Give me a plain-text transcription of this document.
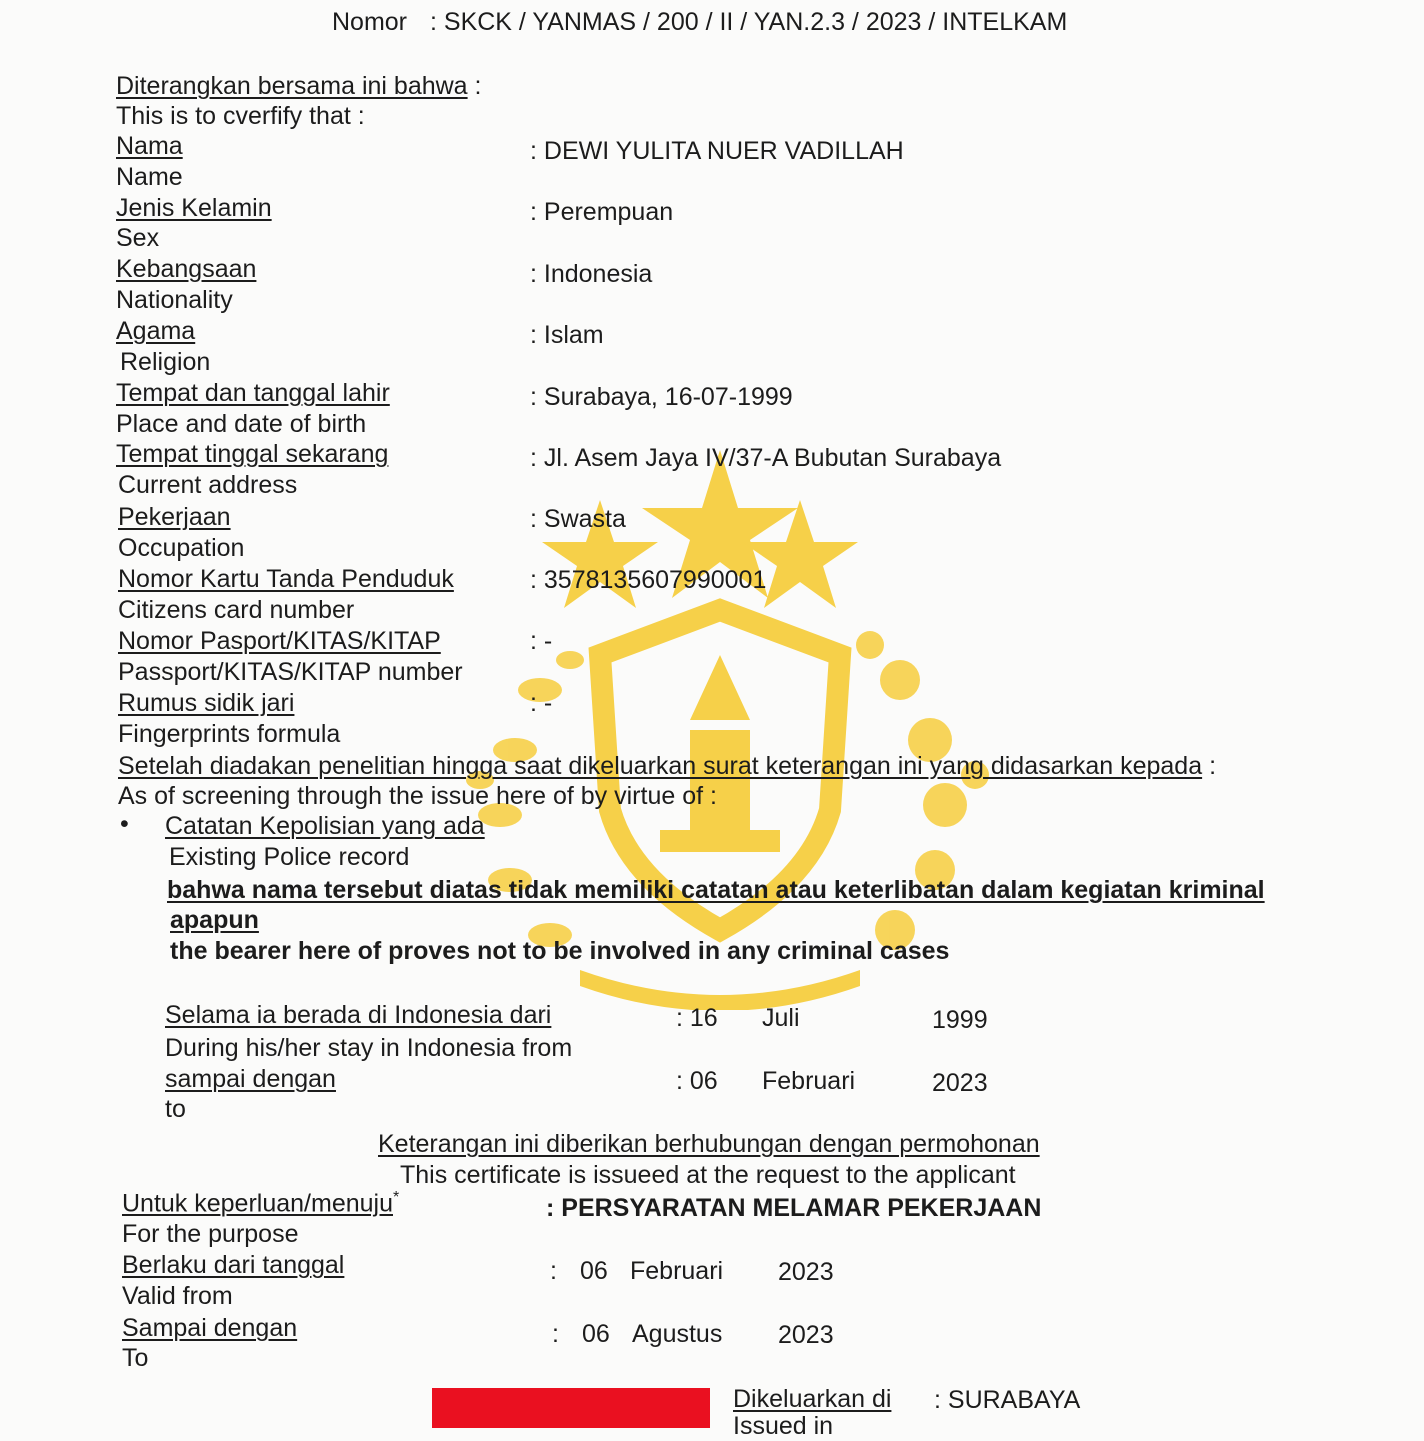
Nomor : SKCK / YANMAS / 200 / II / YAN.2.3 / 2023 / INTELKAM
Diterangkan bersama ini bahwa :
This is to cverfify that :
Nama
Name
: DEWI YULITA NUER VADILLAH
Jenis Kelamin
Sex
: Perempuan
Kebangsaan
Nationality
: Indonesia
Agama
Religion
: Islam
Tempat dan tanggal lahir
Place and date of birth
: Surabaya, 16-07-1999
Tempat tinggal sekarang
Current address
: Jl. Asem Jaya IV/37-A Bubutan Surabaya
Pekerjaan
Occupation
: Swasta
Nomor Kartu Tanda Penduduk
Citizens card number
: 3578135607990001
Nomor Pasport/KITAS/KITAP
Passport/KITAS/KITAP number
: -
Rumus sidik jari
Fingerprints formula
: -
Setelah diadakan penelitian hingga saat dikeluarkan surat keterangan ini yang didasarkan kepada :
As of screening through the issue here of by virtue of :
• Catatan Kepolisian yang ada
Existing Police record
bahwa nama tersebut diatas tidak memiliki catatan atau keterlibatan dalam kegiatan kriminal
apapun
the bearer here of proves not to be involved in any criminal cases
Selama ia berada di Indonesia dari
During his/her stay in Indonesia from
: 16 Juli	1999
sampai dengan
to
: 06 Februari	2023
Keterangan ini diberikan berhubungan dengan permohonan
This certificate is issueed at the request to the applicant
Untuk keperluan/menuju*
For the purpose
: PERSYARATAN MELAMAR PEKERJAAN
Berlaku dari tanggal
Valid from
: 06 Februari 2023
Sampai dengan
To
: 06 Agustus 2023
Dikeluarkan di
Issued in
: SURABAYA
